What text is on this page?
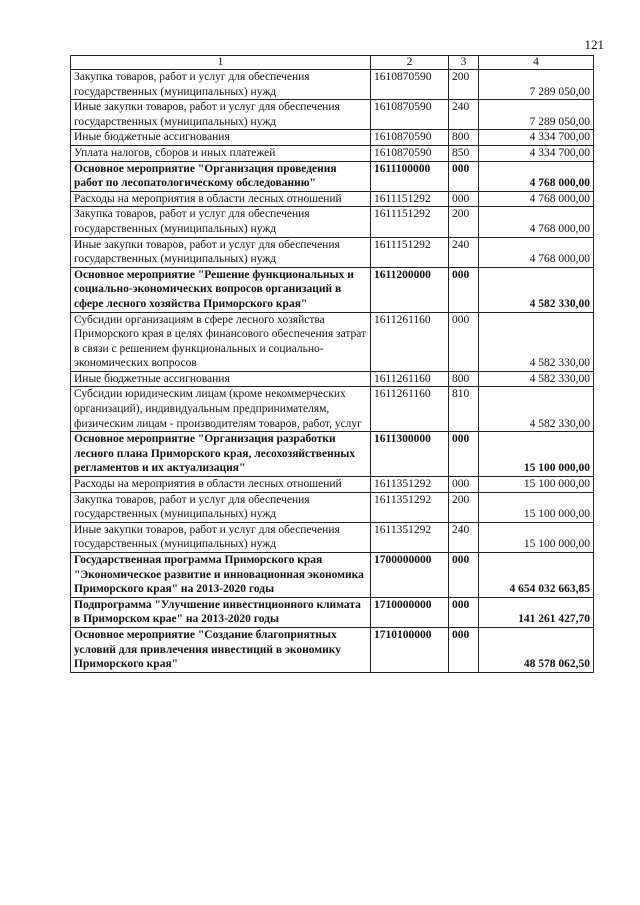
121
1	2	3	4
Закупка товаров, работ и услуг для обеспечения государственных (муниципальных) нужд	1610870590	200	7 289 050,00
Иные закупки товаров, работ и услуг для обеспечения государственных (муниципальных) нужд	1610870590	240	7 289 050,00
Иные бюджетные ассигнования	1610870590	800	4 334 700,00
Уплата налогов, сборов и иных платежей	1610870590	850	4 334 700,00
Основное мероприятие "Организация проведения работ по лесопатологическому обследованию"	1611100000	000	4 768 000,00
Расходы на мероприятия в области лесных отношений	1611151292	000	4 768 000,00
Закупка товаров, работ и услуг для обеспечения государственных (муниципальных) нужд	1611151292	200	4 768 000,00
Иные закупки товаров, работ и услуг для обеспечения государственных (муниципальных) нужд	1611151292	240	4 768 000,00
Основное мероприятие "Решение функциональных и социально-экономических вопросов организаций в сфере лесного хозяйства Приморского края"	1611200000	000	4 582 330,00
Субсидии организациям в сфере лесного хозяйства Приморского края в целях финансового обеспечения затрат в связи с решением функциональных и социально-экономических вопросов	1611261160	000	4 582 330,00
Иные бюджетные ассигнования	1611261160	800	4 582 330,00
Субсидии юридическим лицам (кроме некоммерческих организаций), индивидуальным предпринимателям, физическим лицам - производителям товаров, работ, услуг	1611261160	810	4 582 330,00
Основное мероприятие "Организация разработки лесного плана Приморского края, лесохозяйственных регламентов и их актуализация"	1611300000	000	15 100 000,00
Расходы на мероприятия в области лесных отношений	1611351292	000	15 100 000,00
Закупка товаров, работ и услуг для обеспечения государственных (муниципальных) нужд	1611351292	200	15 100 000,00
Иные закупки товаров, работ и услуг для обеспечения государственных (муниципальных) нужд	1611351292	240	15 100 000,00
Государственная программа Приморского края "Экономическое развитие и инновационная экономика Приморского края" на 2013-2020 годы	1700000000	000	4 654 032 663,85
Подпрограмма "Улучшение инвестиционного климата в Приморском крае" на 2013-2020 годы	1710000000	000	141 261 427,70
Основное мероприятие "Создание благоприятных условий для привлечения инвестиций в экономику Приморского края"	1710100000	000	48 578 062,50
